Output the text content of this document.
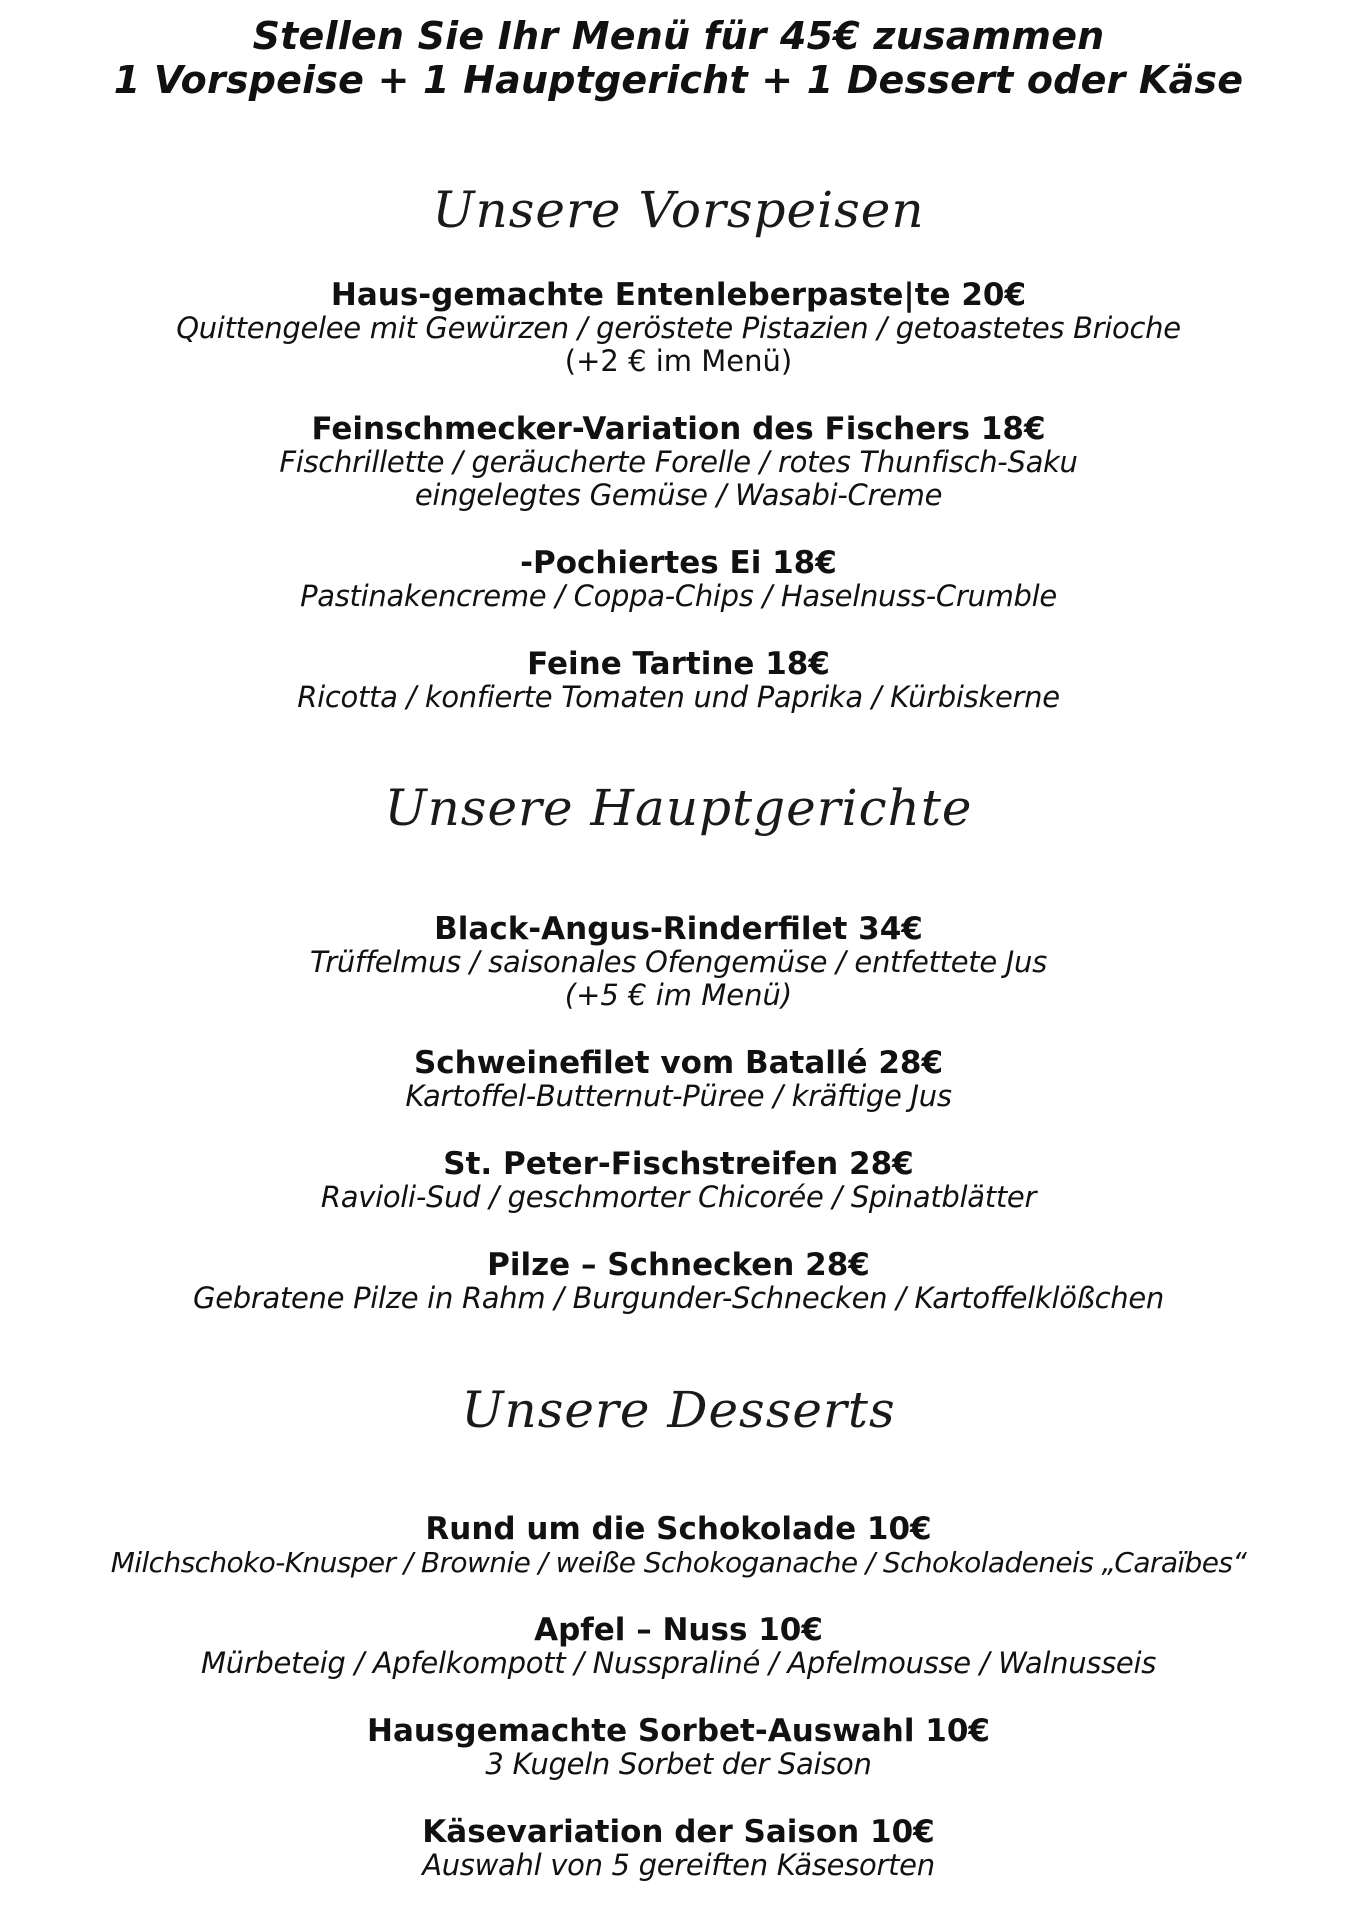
Stellen Sie Ihr Menü für 45€ zusammen
1 Vorspeise + 1 Hauptgericht + 1 Dessert oder Käse
Unsere Vorspeisen
Haus-gemachte Entenleberpaste|te 20€
Quittengelee mit Gewürzen / geröstete Pistazien / getoastetes Brioche
(+2 € im Menü)
Feinschmecker-Variation des Fischers 18€
Fischrillette / geräucherte Forelle / rotes Thunfisch-Saku
eingelegtes Gemüse / Wasabi-Creme
-Pochiertes Ei 18€
Pastinakencreme / Coppa-Chips / Haselnuss-Crumble
Feine Tartine 18€
Ricotta / konfierte Tomaten und Paprika / Kürbiskerne
Unsere Hauptgerichte
Black-Angus-Rinderfilet 34€
Trüffelmus / saisonales Ofengemüse / entfettete Jus
(+5 € im Menü)
Schweinefilet vom Batallé 28€
Kartoffel-Butternut-Püree / kräftige Jus
St. Peter-Fischstreifen 28€
Ravioli-Sud / geschmorter Chicorée / Spinatblätter
Pilze – Schnecken 28€
Gebratene Pilze in Rahm / Burgunder-Schnecken / Kartoffelklößchen
Unsere Desserts
Rund um die Schokolade 10€
Milchschoko-Knusper / Brownie / weiße Schokoganache / Schokoladeneis „Caraïbes“
Apfel – Nuss 10€
Mürbeteig / Apfelkompott / Nusspraliné / Apfelmousse / Walnusseis
Hausgemachte Sorbet-Auswahl 10€
3 Kugeln Sorbet der Saison
Käsevariation der Saison 10€
Auswahl von 5 gereiften Käsesorten
